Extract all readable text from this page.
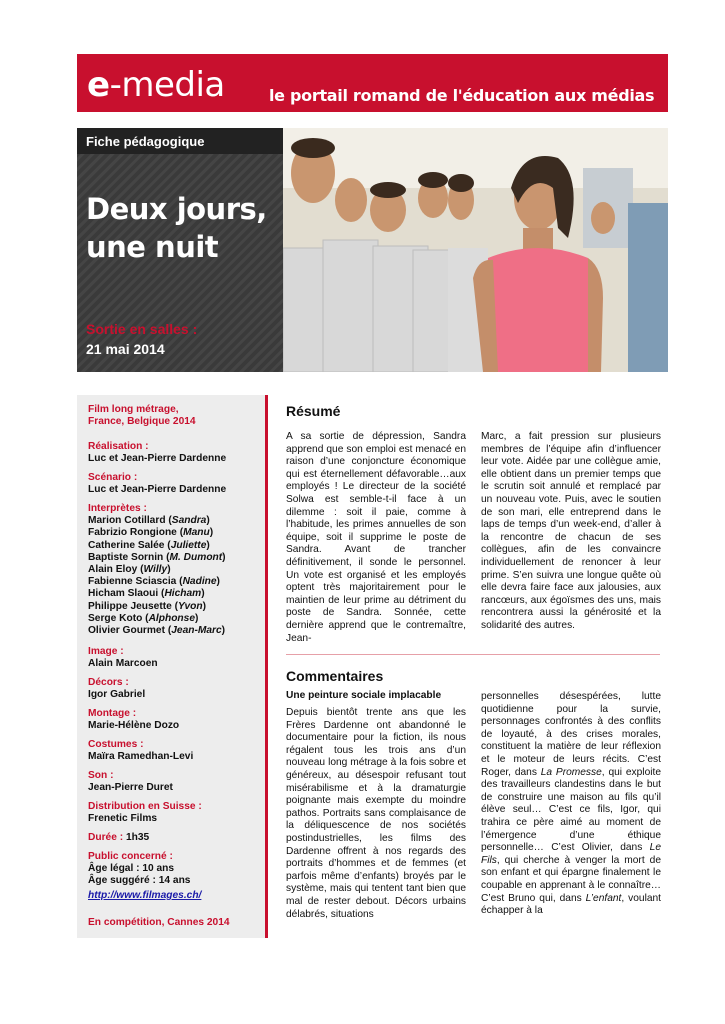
e-media	le portail romand de l'éducation aux médias
Fiche pédagogique
Deux jours,
une nuit
Sortie en salles :
21 mai 2014
Film long métrage,
France, Belgique 2014
Réalisation :
Luc et Jean-Pierre Dardenne
Scénario :
Luc et Jean-Pierre Dardenne
Interprètes :
Marion Cotillard (Sandra)
Fabrizio Rongione (Manu)
Catherine Salée (Juliette)
Baptiste Sornin (M. Dumont)
Alain Eloy (Willy)
Fabienne Sciascia (Nadine)
Hicham Slaoui (Hicham)
Philippe Jeusette (Yvon)
Serge Koto (Alphonse)
Olivier Gourmet (Jean-Marc)
Image :
Alain Marcoen
Décors :
Igor Gabriel
Montage :
Marie-Hélène Dozo
Costumes :
Maïra Ramedhan-Levi
Son :
Jean-Pierre Duret
Distribution en Suisse :
Frenetic Films
Durée : 1h35
Public concerné :
Âge légal : 10 ans
Âge suggéré : 14 ans
http://www.filmages.ch/
En compétition, Cannes 2014
Résumé
A sa sortie de dépression, Sandra apprend que son emploi est menacé en raison d’une conjoncture économique qui est éternellement défavorable…aux employés ! Le directeur de la société Solwa est semble-t-il face à un dilemme : soit il paie, comme à l’habitude, les primes annuelles de son équipe, soit il supprime le poste de Sandra. Avant de trancher définitivement, il sonde le personnel. Un vote est organisé et les employés optent très majoritairement pour le maintien de leur prime au détriment du poste de Sandra. Sonnée, cette dernière apprend que le contremaître, Jean-
Marc, a fait pression sur plusieurs membres de l’équipe afin d’influencer leur vote. Aidée par une collègue amie, elle obtient dans un premier temps que le scrutin soit annulé et remplacé par un nouveau vote. Puis, avec le soutien de son mari, elle entreprend dans le laps de temps d’un week-end, d’aller à la rencontre de chacun de ses collègues, afin de les convaincre individuellement de renoncer à leur prime. S’en suivra une longue quête où elle devra faire face aux jalousies, aux rancœurs, aux égoïsmes des uns, mais rencontrera aussi la générosité et la solidarité des autres.
Commentaires
Une peinture sociale implacable
Depuis bientôt trente ans que les Frères Dardenne ont abandonné le documentaire pour la fiction, ils nous régalent tous les trois ans d’un nouveau long métrage à la fois sobre et généreux, au désespoir refusant tout misérabilisme et à la dramaturgie poignante mais exempte du moindre pathos. Portraits sans complaisance de la déliquescence de nos sociétés postindustrielles, les films des Dardenne offrent à nos regards des portraits d’hommes et de femmes (et parfois même d’enfants) broyés par le système, mais qui tentent tant bien que mal de rester debout. Décors urbains délabrés, situations
personnelles désespérées, lutte quotidienne pour la survie, personnages confrontés à des conflits de loyauté, à des crises morales, constituent la matière de leur réflexion et le moteur de leurs récits. C’est Roger, dans La Promesse, qui exploite des travailleurs clandestins dans le but de construire une maison au fils qu’il élève seul… C’est ce fils, Igor, qui trahira ce père aimé au moment de l’émergence d’une éthique personnelle… C’est Olivier, dans Le Fils, qui cherche à venger la mort de son enfant et qui épargne finalement le coupable en apprenant à le connaître… C’est Bruno qui, dans L’enfant, voulant échapper à la
